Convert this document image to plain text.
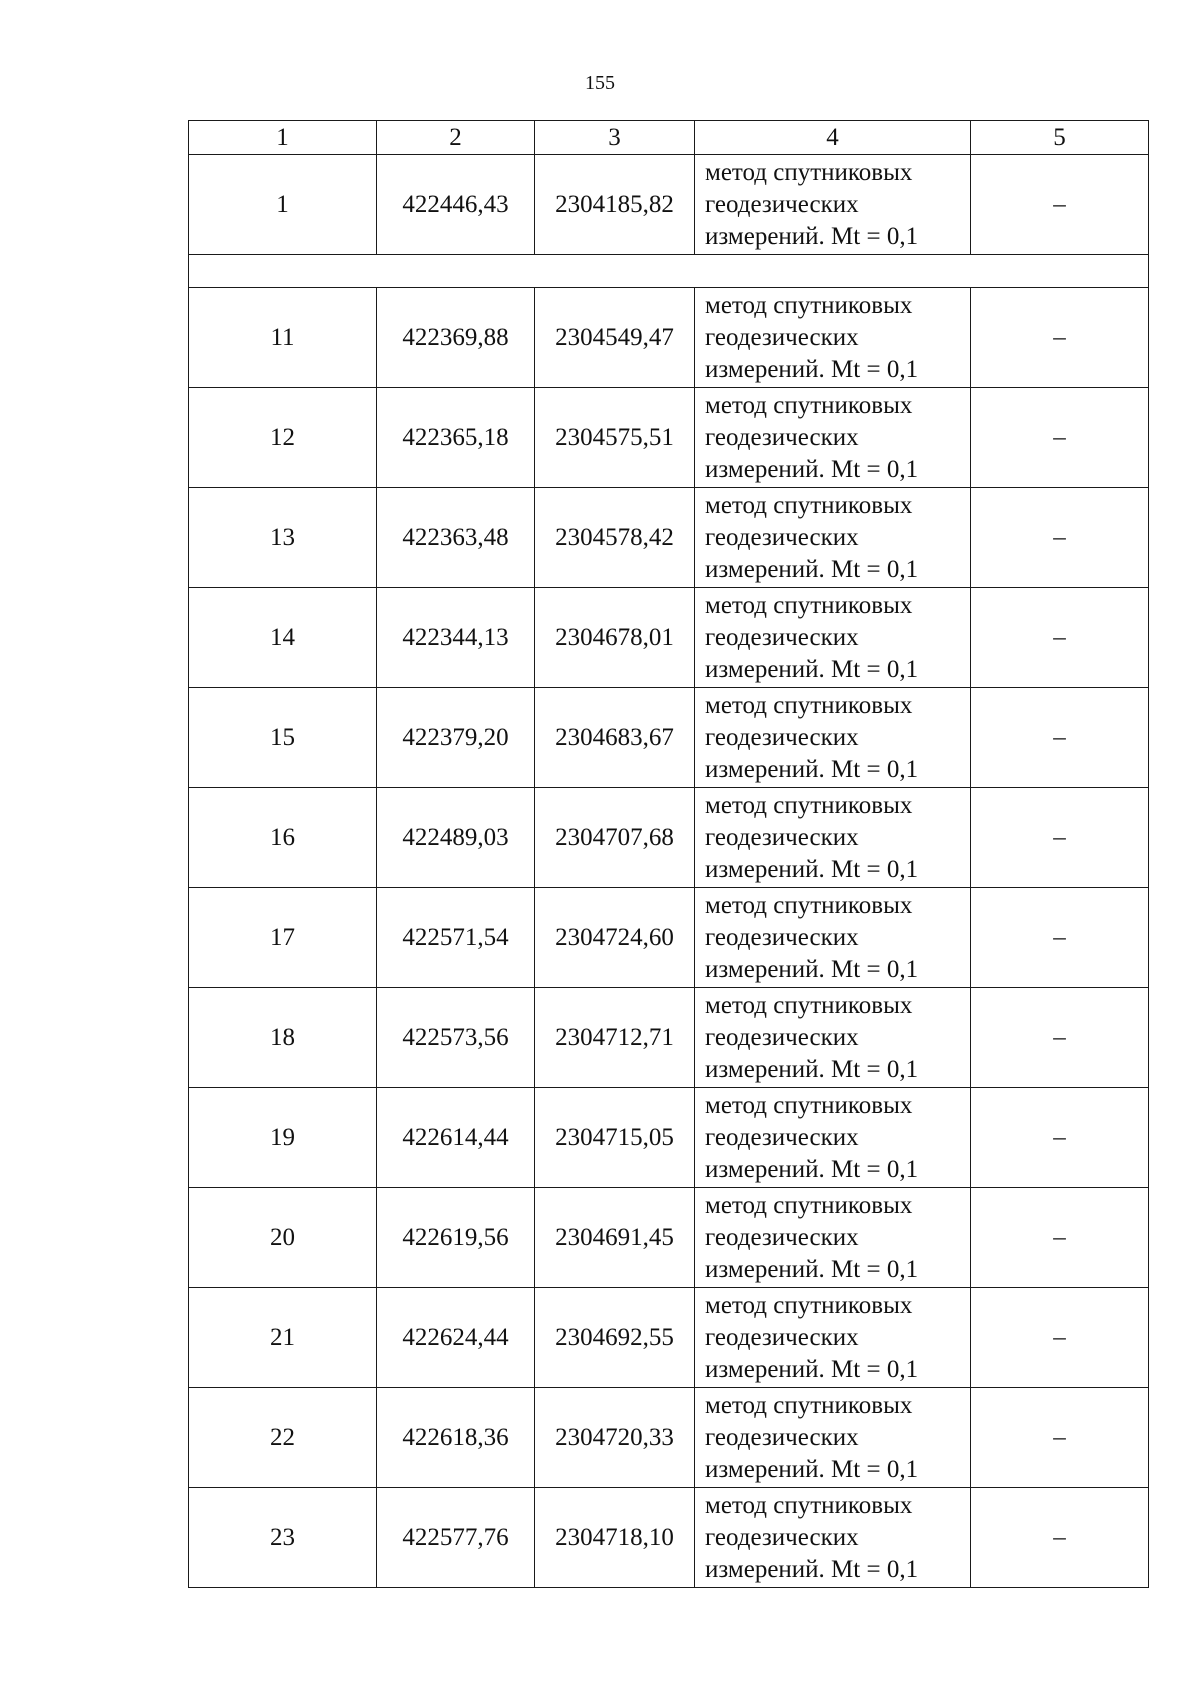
155
1	2	3	4	5
1	422446,43	2304185,82	метод спутниковых
геодезических
измерений. Mt = 0,1	–

11	422369,88	2304549,47	метод спутниковых
геодезических
измерений. Mt = 0,1	–
12	422365,18	2304575,51	метод спутниковых
геодезических
измерений. Mt = 0,1	–
13	422363,48	2304578,42	метод спутниковых
геодезических
измерений. Mt = 0,1	–
14	422344,13	2304678,01	метод спутниковых
геодезических
измерений. Mt = 0,1	–
15	422379,20	2304683,67	метод спутниковых
геодезических
измерений. Mt = 0,1	–
16	422489,03	2304707,68	метод спутниковых
геодезических
измерений. Mt = 0,1	–
17	422571,54	2304724,60	метод спутниковых
геодезических
измерений. Mt = 0,1	–
18	422573,56	2304712,71	метод спутниковых
геодезических
измерений. Mt = 0,1	–
19	422614,44	2304715,05	метод спутниковых
геодезических
измерений. Mt = 0,1	–
20	422619,56	2304691,45	метод спутниковых
геодезических
измерений. Mt = 0,1	–
21	422624,44	2304692,55	метод спутниковых
геодезических
измерений. Mt = 0,1	–
22	422618,36	2304720,33	метод спутниковых
геодезических
измерений. Mt = 0,1	–
23	422577,76	2304718,10	метод спутниковых
геодезических
измерений. Mt = 0,1	–
